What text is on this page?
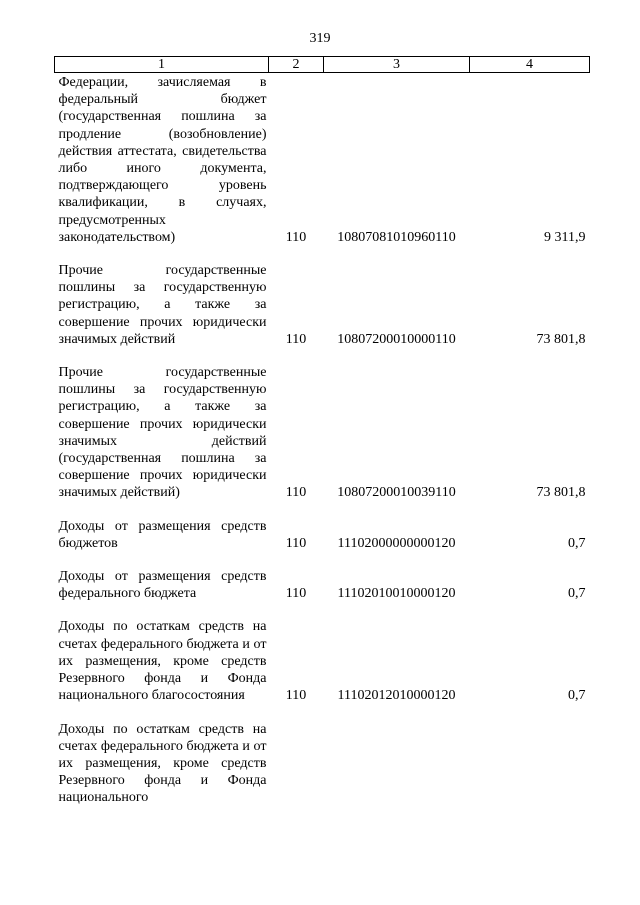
319
1	2	3	4
Федерации, зачисляемая в федеральный бюджет (государственная пошлина за продление (возобновление) действия аттестата, свидетельства либо иного документа, подтверждающего уровень квалификации, в случаях, предусмотренных законодательством)	110	10807081010960110	9 311,9
Прочие государственные пошлины за государственную регистрацию, а также за совершение прочих юридически значимых действий	110	10807200010000110	73 801,8
Прочие государственные пошлины за государственную регистрацию, а также за совершение прочих юридически значимых действий (государственная пошлина за совершение прочих юридически значимых действий)	110	10807200010039110	73 801,8
Доходы от размещения средств бюджетов	110	11102000000000120	0,7
Доходы от размещения средств федерального бюджета	110	11102010010000120	0,7
Доходы по остаткам средств на счетах федерального бюджета и от их размещения, кроме средств Резервного фонда и Фонда национального благосостояния	110	11102012010000120	0,7
Доходы по остаткам средств на счетах федерального бюджета и от их размещения, кроме средств Резервного фонда и Фонда национального			
